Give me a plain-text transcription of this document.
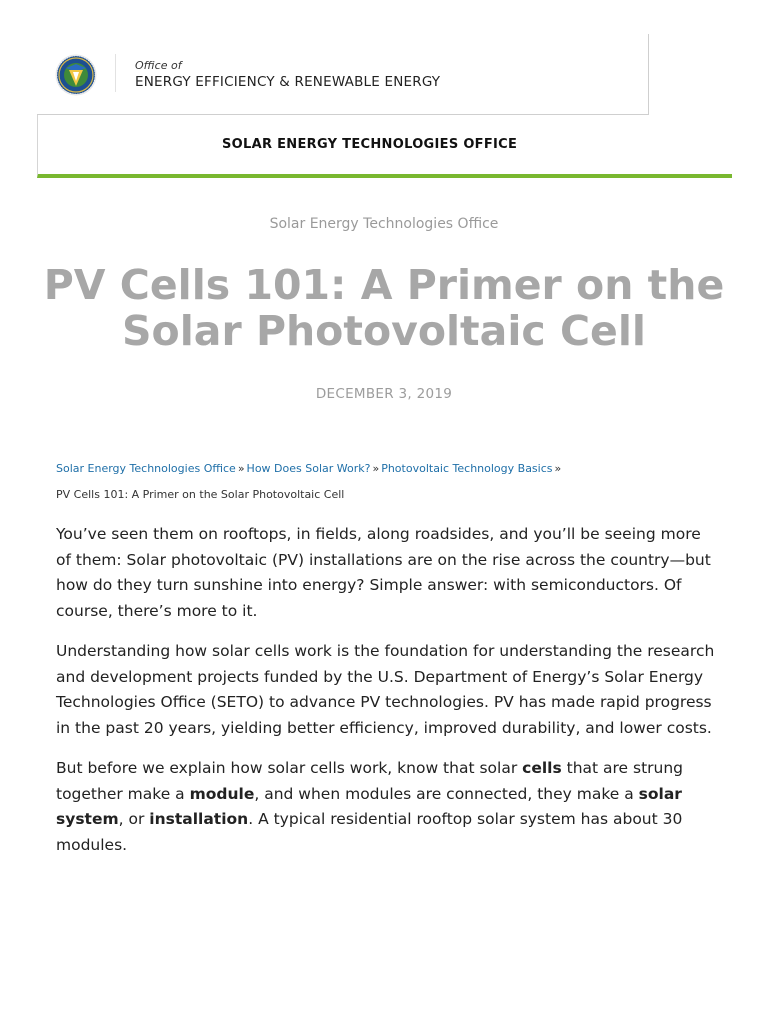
Office of
ENERGY EFFICIENCY & RENEWABLE ENERGY
SOLAR ENERGY TECHNOLOGIES OFFICE
Solar Energy Technologies Office
PV Cells 101: A Primer on the Solar Photovoltaic Cell
DECEMBER 3, 2019
Solar Energy Technologies Office » How Does Solar Work? » Photovoltaic Technology Basics »
PV Cells 101: A Primer on the Solar Photovoltaic Cell

You’ve seen them on rooftops, in fields, along roadsides, and you’ll be seeing more of them: Solar photovoltaic (PV) installations are on the rise across the country—but how do they turn sunshine into energy? Simple answer: with semiconductors. Of course, there’s more to it.

Understanding how solar cells work is the foundation for understanding the research and development projects funded by the U.S. Department of Energy’s Solar Energy Technologies Office (SETO) to advance PV technologies. PV has made rapid progress in the past 20 years, yielding better efficiency, improved durability, and lower costs.

But before we explain how solar cells work, know that solar cells that are strung together make a module, and when modules are connected, they make a solar system, or installation. A typical residential rooftop solar system has about 30 modules.
